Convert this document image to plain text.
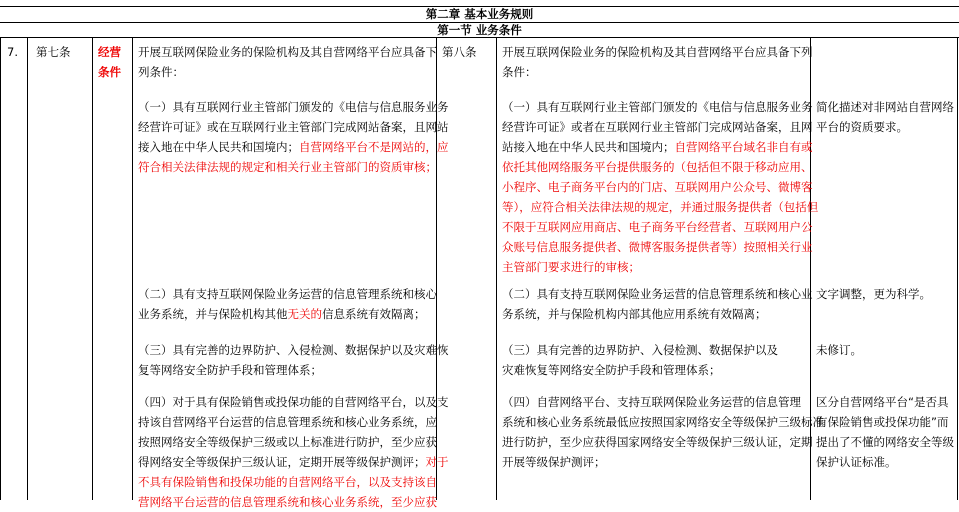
第二章 基本业务规则
第一节 业务条件
7. 第七条 经营
条件
第八条
开展互联网保险业务的保险机构及其自营网络平台应具备下
列条件：
（一）具有互联网行业主管部门颁发的《电信与信息服务业务
经营许可证》或在互联网行业主管部门完成网站备案，且网站
接入地在中华人民共和国境内；自营网络平台不是网站的，应
符合相关法律法规的规定和相关行业主管部门的资质审核；
（二）具有支持互联网保险业务运营的信息管理系统和核心
业务系统，并与保险机构其他无关的信息系统有效隔离；
（三）具有完善的边界防护、入侵检测、数据保护以及灾难恢
复等网络安全防护手段和管理体系；
（四）对于具有保险销售或投保功能的自营网络平台，以及支
持该自营网络平台运营的信息管理系统和核心业务系统，应
按照网络安全等级保护三级或以上标准进行防护，至少应获
得网络安全等级保护三级认证，定期开展等级保护测评；对于
不具有保险销售和投保功能的自营网络平台，以及支持该自
营网络平台运营的信息管理系统和核心业务系统，至少应获
开展互联网保险业务的保险机构及其自营网络平台应具备下列
条件：
（一）具有互联网行业主管部门颁发的《电信与信息服务业务
经营许可证》或者在互联网行业主管部门完成网站备案，且网
站接入地在中华人民共和国境内；自营网络平台域名非自有或
依托其他网络服务平台提供服务的（包括但不限于移动应用、
小程序、电子商务平台内的门店、互联网用户公众号、微博客
等），应符合相关法律法规的规定，并通过服务提供者（包括但
不限于互联网应用商店、电子商务平台经营者、互联网用户公
众账号信息服务提供者、微博客服务提供者等）按照相关行业
主管部门要求进行的审核；
（二）具有支持互联网保险业务运营的信息管理系统和核心业
务系统，并与保险机构内部其他应用系统有效隔离；
（三）具有完善的边界防护、入侵检测、数据保护以及
灾难恢复等网络安全防护手段和管理体系；
（四）自营网络平台、支持互联网保险业务运营的信息管理
系统和核心业务系统最低应按照国家网络安全等级保护三级标准
进行防护，至少应获得国家网络安全等级保护三级认证，定期
开展等级保护测评；
简化描述对非网站自营网络
平台的资质要求。
文字调整，更为科学。
未修订。
区分自营网络平台“是否具
有保险销售或投保功能”而
提出了不懂的网络安全等级
保护认证标准。
